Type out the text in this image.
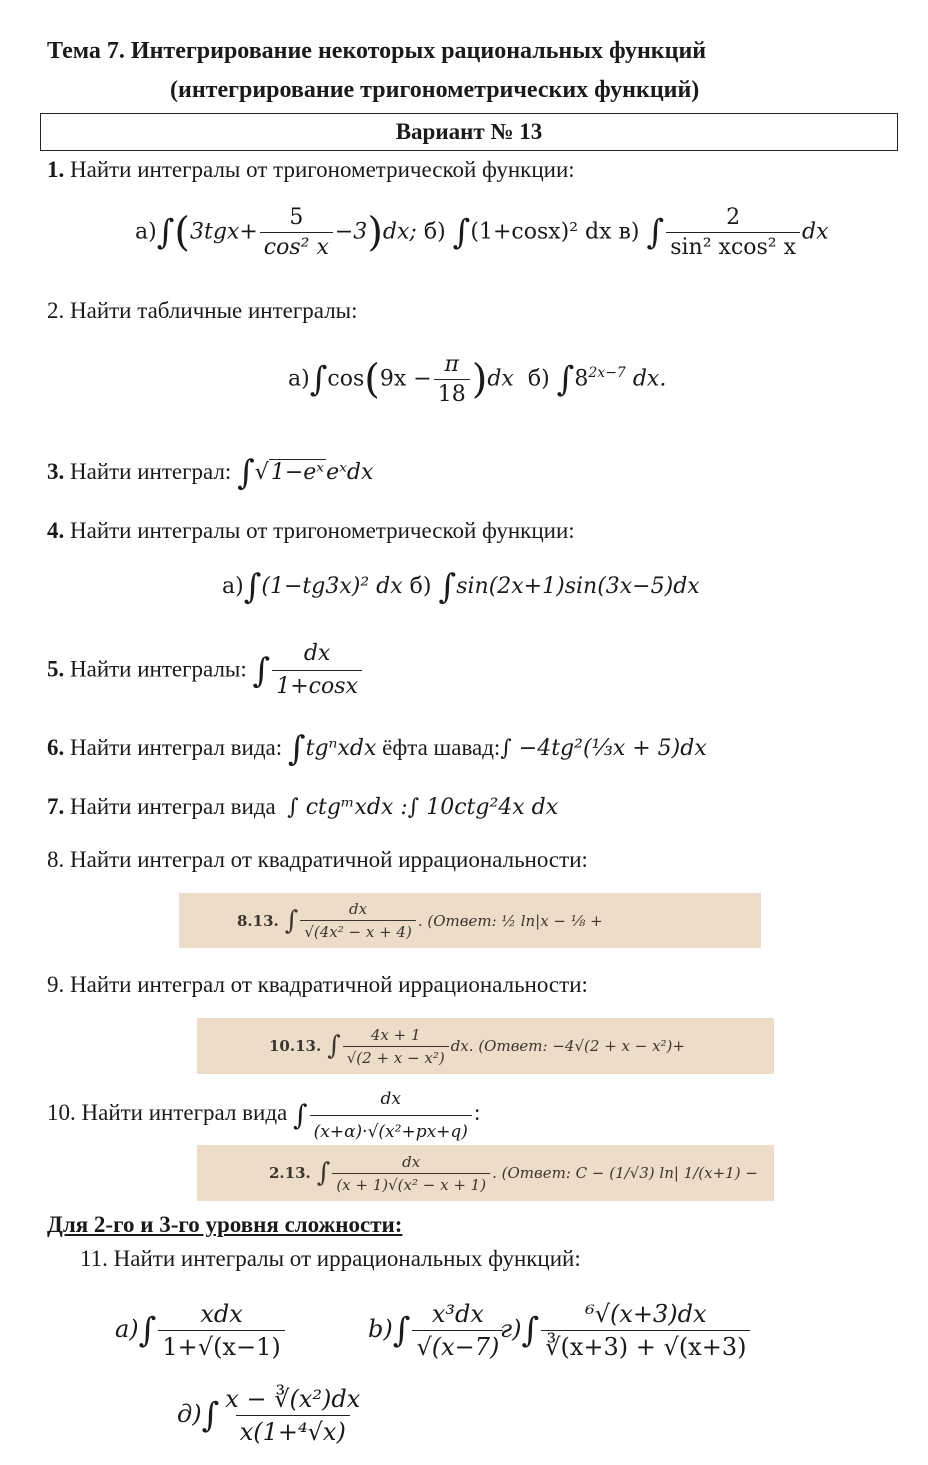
Тема 7. Интегрирование некоторых рациональных функций
(интегрирование тригонометрических функций)
Вариант № 13
1. Найти интегралы от тригонометрической функции:
$а)\int(3tgx+ \frac{5}{\text{cos² x}} -3)dx$; б) ∫(1+cosx)² dx в) ∫ $\frac{2}{\text{sin² xcos² x}}$ dx
2. Найти табличные интегралы:
$а)\int\cos(9x - \frac{\pi}{18} )dx$ б) $\int 8^{2x-7}$ dx.
3. Найти интеграл: ∫√1−eˣeˣdx
4. Найти интегралы от тригонометрической функции:
а)∫(1−tg3x)² dx б) ∫sin(2x+1)sin(3x−5)dx
5. Найти интегралы: ∫ $\frac{dx}{1+\cos x}$
6. Найти интеграл вида: ∫tgⁿxdx ёфта шавад:∫ −4tg²(⅓x + 5)dx
7. Найти интеграл вида ∫ ctgᵐxdx :∫ 10ctg²4x dx
8. Найти интеграл от квадратичной иррациональности:
8.13. ∫ $\frac{dx}{\text{√(4x² − x + 4)}}$ . (Ответ: ½ ln|x − ⅛ +
9. Найти интеграл от квадратичной иррациональности:
10.13. ∫ $\frac{4x + 1}{\text{√(2 + x − x²)}}$ dx.
(Ответ: −4√(2 + x − x²)+
10. Найти интеграл вида ∫ $\frac{dx}{\text{(x+α)·√(x²+px+q)}}$ :
2.13. ∫ $\frac{dx}{\text{(x + 1)√(x² − x + 1)}}$ . (Ответ: C − (1/√3) ln| 1/(x+1) −
Для 2-го и 3-го уровня сложности:
11. Найти интегралы от иррациональных функций:
$a)\int \frac{\text{xdx}}{1+√(x-1)}$	$b)\int \frac{\text{x³dx}}{√(x-7)}$
$г)\int \frac{\text{⁶√(x+3)dx}}{∛(x+3) + √(x+3)}$
$д)\int \frac{\text{x − ∛(x²)dx}}{\text{x(1+⁴√x)}}$
